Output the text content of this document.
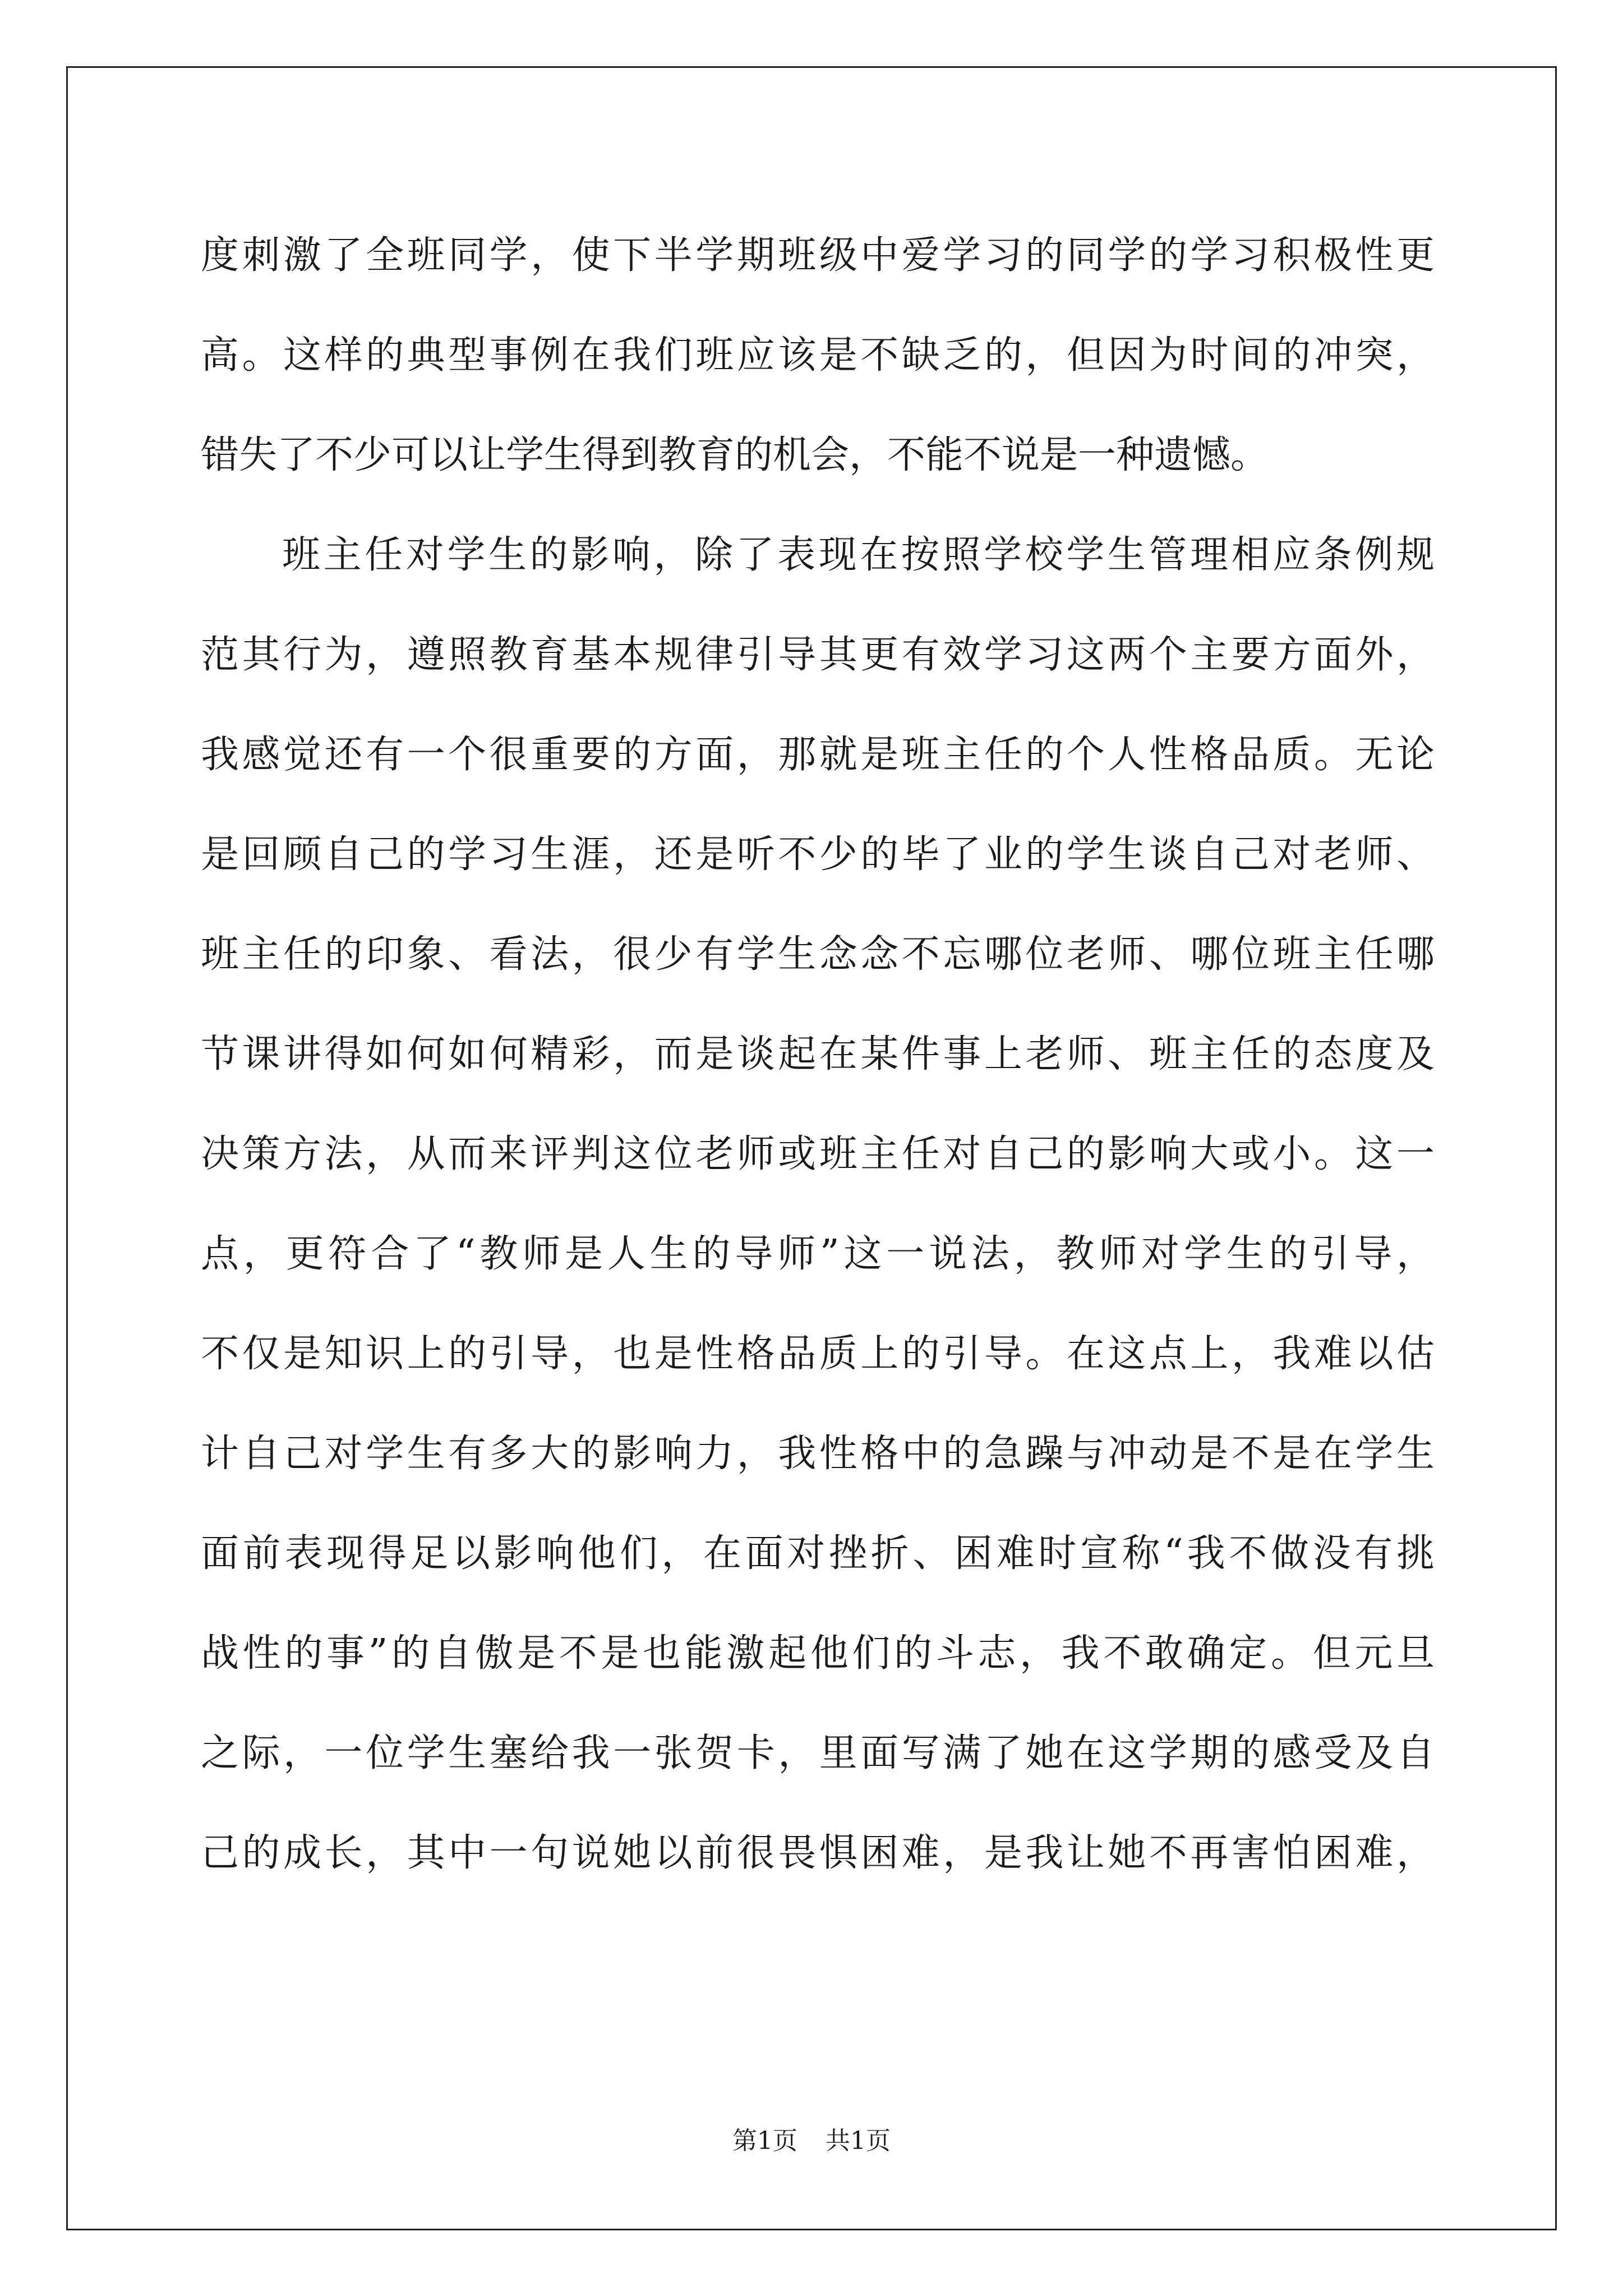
度刺激了全班同学，使下半学期班级中爱学习的同学的学习积极性更
高。这样的典型事例在我们班应该是不缺乏的，但因为时间的冲突，
错失了不少可以让学生得到教育的机会，不能不说是一种遗憾。
班主任对学生的影响，除了表现在按照学校学生管理相应条例规
范其行为，遵照教育基本规律引导其更有效学习这两个主要方面外，
我感觉还有一个很重要的方面，那就是班主任的个人性格品质。无论
是回顾自己的学习生涯，还是听不少的毕了业的学生谈自己对老师、
班主任的印象、看法，很少有学生念念不忘哪位老师、哪位班主任哪
节课讲得如何如何精彩，而是谈起在某件事上老师、班主任的态度及
决策方法，从而来评判这位老师或班主任对自己的影响大或小。这一
点，更符合了“教师是人生的导师”这一说法，教师对学生的引导，
不仅是知识上的引导，也是性格品质上的引导。在这点上，我难以估
计自己对学生有多大的影响力，我性格中的急躁与冲动是不是在学生
面前表现得足以影响他们，在面对挫折、困难时宣称“我不做没有挑
战性的事”的自傲是不是也能激起他们的斗志，我不敢确定。但元旦
之际，一位学生塞给我一张贺卡，里面写满了她在这学期的感受及自
己的成长，其中一句说她以前很畏惧困难，是我让她不再害怕困难，
第1页 共1页
